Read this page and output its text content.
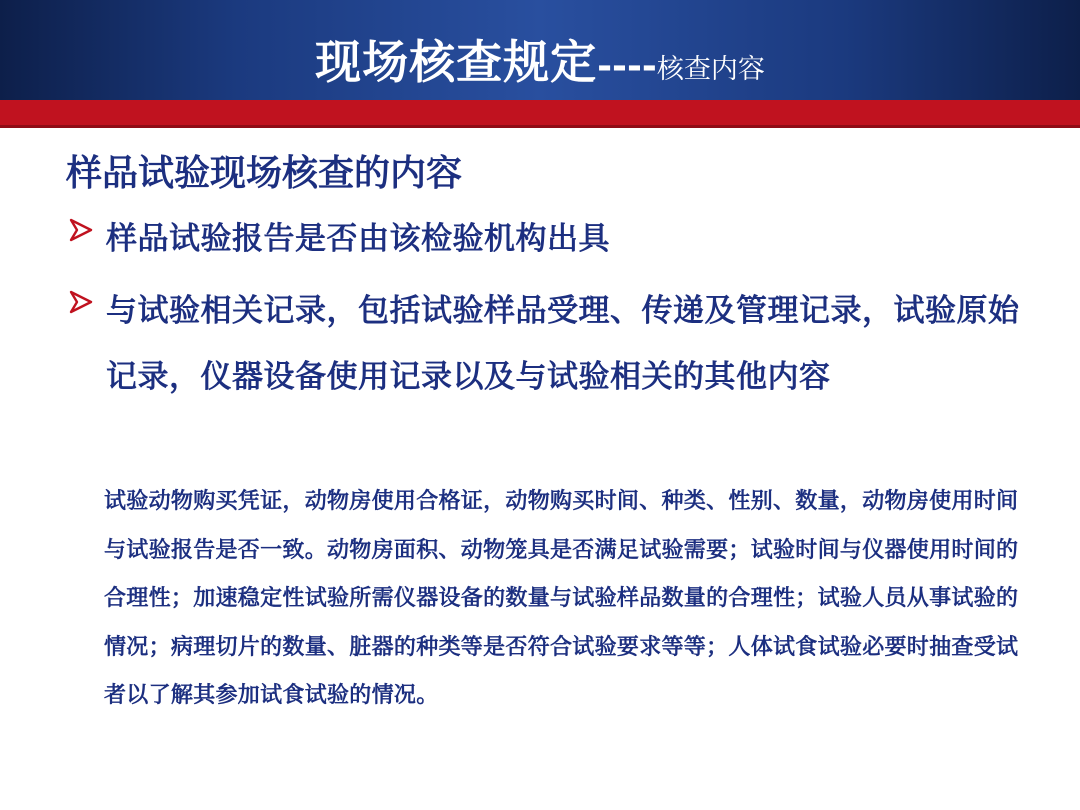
现场核查规定----核查内容
样品试验现场核查的内容
样品试验报告是否由该检验机构出具
与试验相关记录，包括试验样品受理、传递及管理记录，试验原始记录，仪器设备使用记录以及与试验相关的其他内容
试验动物购买凭证，动物房使用合格证，动物购买时间、种类、性别、数量，动物房使用时间与试验报告是否一致。动物房面积、动物笼具是否满足试验需要；试验时间与仪器使用时间的合理性；加速稳定性试验所需仪器设备的数量与试验样品数量的合理性；试验人员从事试验的情况；病理切片的数量、脏器的种类等是否符合试验要求等等；人体试食试验必要时抽查受试者以了解其参加试食试验的情况。
